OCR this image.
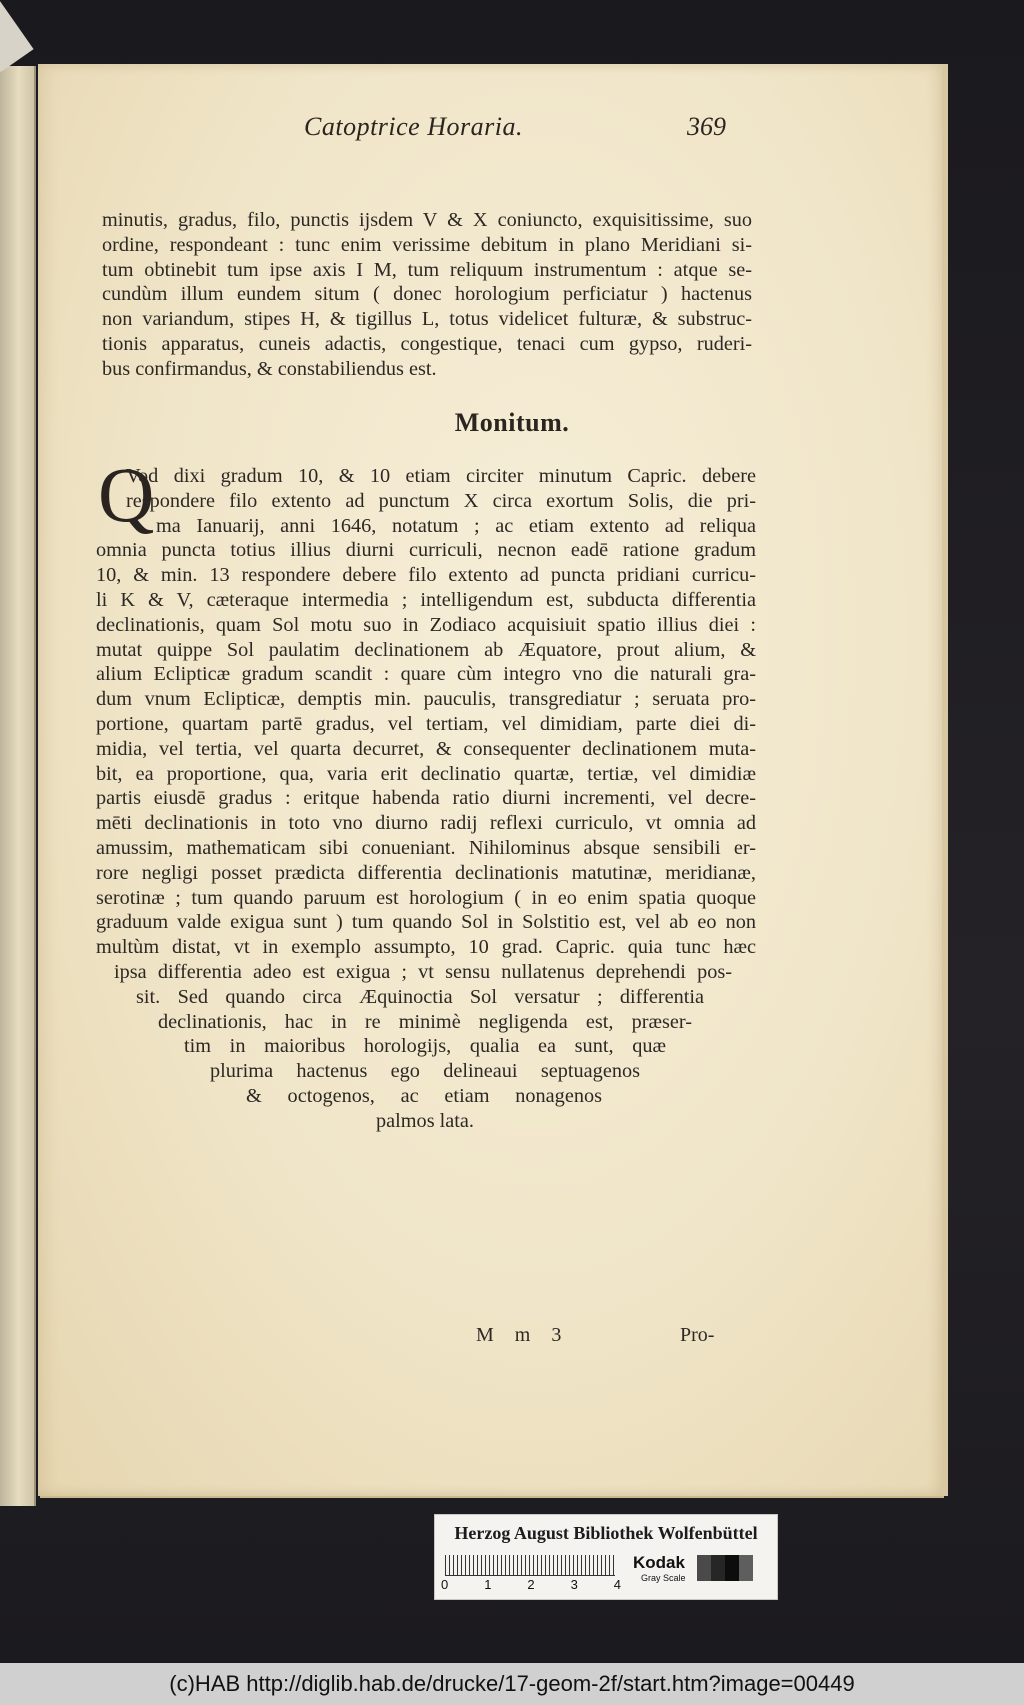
Catoptrice Horaria.	369
minutis, gradus, filo, punctis ijsdem V & X coniuncto, exquisitissime, suo
ordine, respondeant : tunc enim verissime debitum in plano Meridiani si-
tum obtinebit tum ipse axis I M, tum reliquum instrumentum : atque se-
cundùm illum eundem situm ( donec horologium perficiatur ) hactenus
non variandum, stipes H, & tigillus L, totus videlicet fulturæ, & substruc-
tionis apparatus, cuneis adactis, congestique, tenaci cum gypso, ruderi-
bus confirmandus, & constabiliendus est.
Monitum.
Q
Vod dixi gradum 10, & 10 etiam circiter minutum Capric. debere
respondere filo extento ad punctum X circa exortum Solis, die pri-
ma Ianuarij, anni 1646, notatum ; ac etiam extento ad reliqua
omnia puncta totius illius diurni curriculi, necnon eadē ratione gradum
10, & min. 13 respondere debere filo extento ad puncta pridiani curricu-
li K & V, cæteraque intermedia ; intelligendum est, subducta differentia
declinationis, quam Sol motu suo in Zodiaco acquisiuit spatio illius diei :
mutat quippe Sol paulatim declinationem ab Æquatore, prout alium, &
alium Eclipticæ gradum scandit : quare cùm integro vno die naturali gra-
dum vnum Eclipticæ, demptis min. pauculis, transgrediatur ; seruata pro-
portione, quartam partē gradus, vel tertiam, vel dimidiam, parte diei di-
midia, vel tertia, vel quarta decurret, & consequenter declinationem muta-
bit, ea proportione, qua, varia erit declinatio quartæ, tertiæ, vel dimidiæ
partis eiusdē gradus : eritque habenda ratio diurni incrementi, vel decre-
mēti declinationis in toto vno diurno radij reflexi curriculo, vt omnia ad
amussim, mathematicam sibi conueniant. Nihilominus absque sensibili er-
rore negligi posset prædicta differentia declinationis matutinæ, meridianæ,
serotinæ ; tum quando paruum est horologium ( in eo enim spatia quoque
graduum valde exigua sunt ) tum quando Sol in Solstitio est, vel ab eo non
multùm distat, vt in exemplo assumpto, 10 grad. Capric. quia tunc hæc
ipsa differentia adeo est exigua ; vt sensu nullatenus deprehendi pos-
sit. Sed quando circa Æquinoctia Sol versatur ; differentia
declinationis, hac in re minimè negligenda est, præser-
tim in maioribus horologijs, qualia ea sunt, quæ
plurima hactenus ego delineaui septuagenos
& octogenos, ac etiam nonagenos
palmos lata.
M m 3	Pro-
Herzog August Bibliothek Wolfenbüttel
0	1	2	3	4
Kodak
Gray Scale
(c)HAB http://diglib.hab.de/drucke/17-geom-2f/start.htm?image=00449
